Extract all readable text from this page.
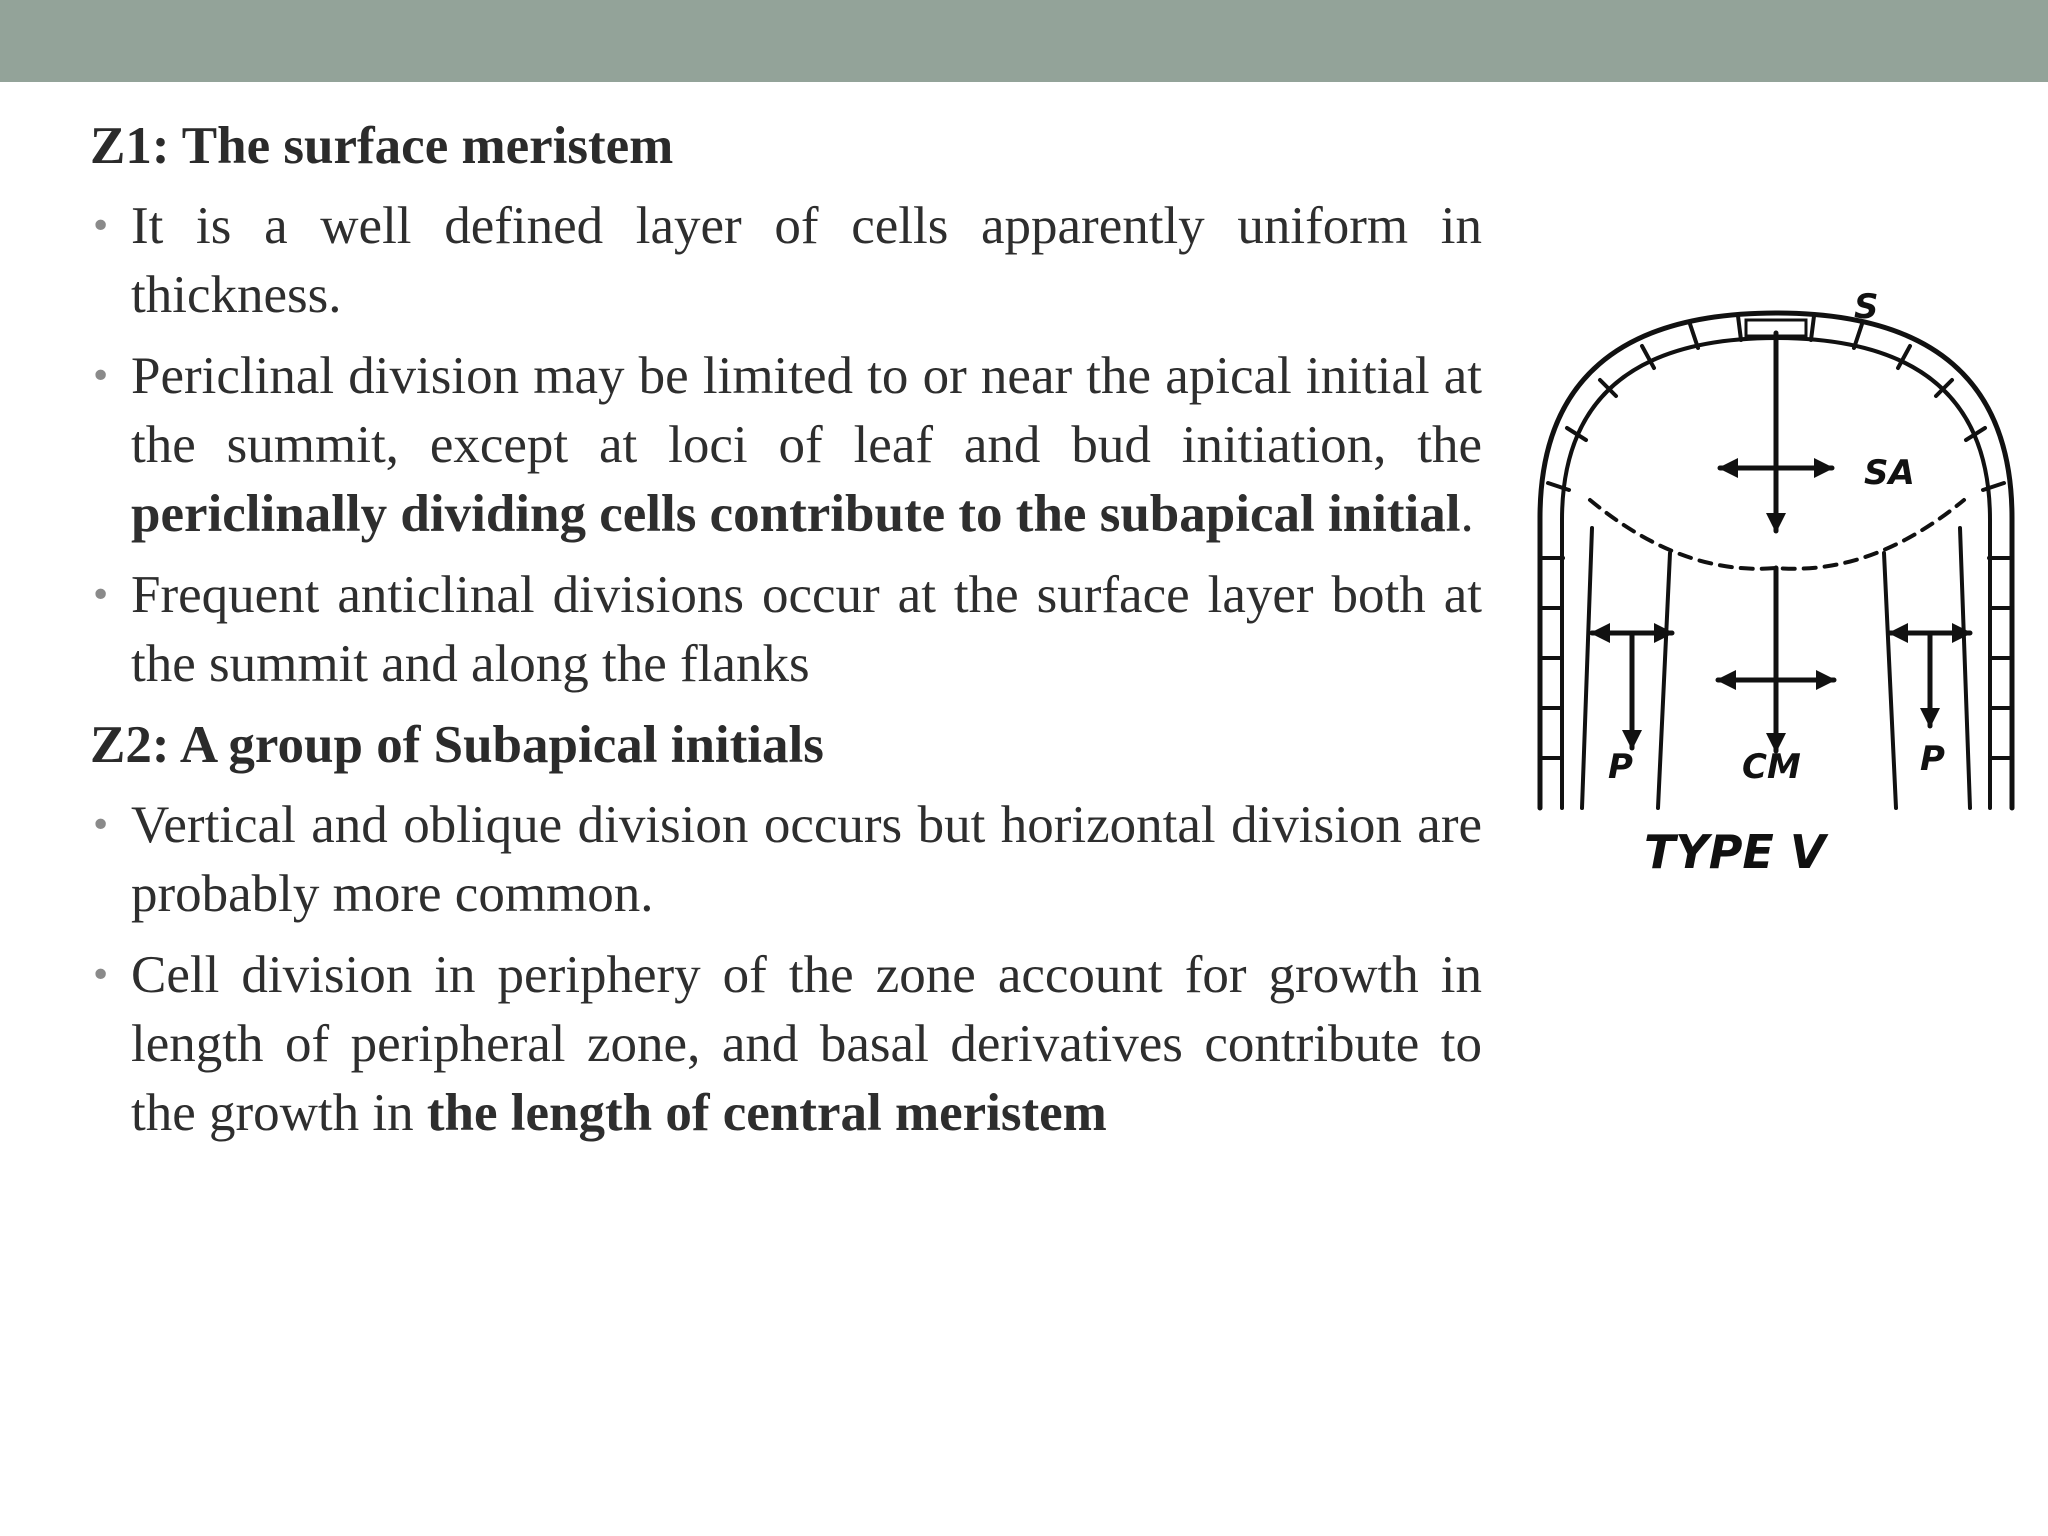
Z1: The surface meristem
• It is a well defined layer of cells apparently uniform in thickness.
• Periclinal division may be limited to or near the apical initial at the summit, except at loci of leaf and bud initiation, the periclinally dividing cells contribute to the subapical initial.
• Frequent anticlinal divisions occur at the surface layer both at the summit and along the flanks
Z2: A group of Subapical initials
• Vertical and oblique division occurs but horizontal division are probably more common.
• Cell division in periphery of the zone account for growth in length of peripheral zone, and basal derivatives contribute to the growth in the length of central meristem
S
SA
P	CM	P
TYPE V
